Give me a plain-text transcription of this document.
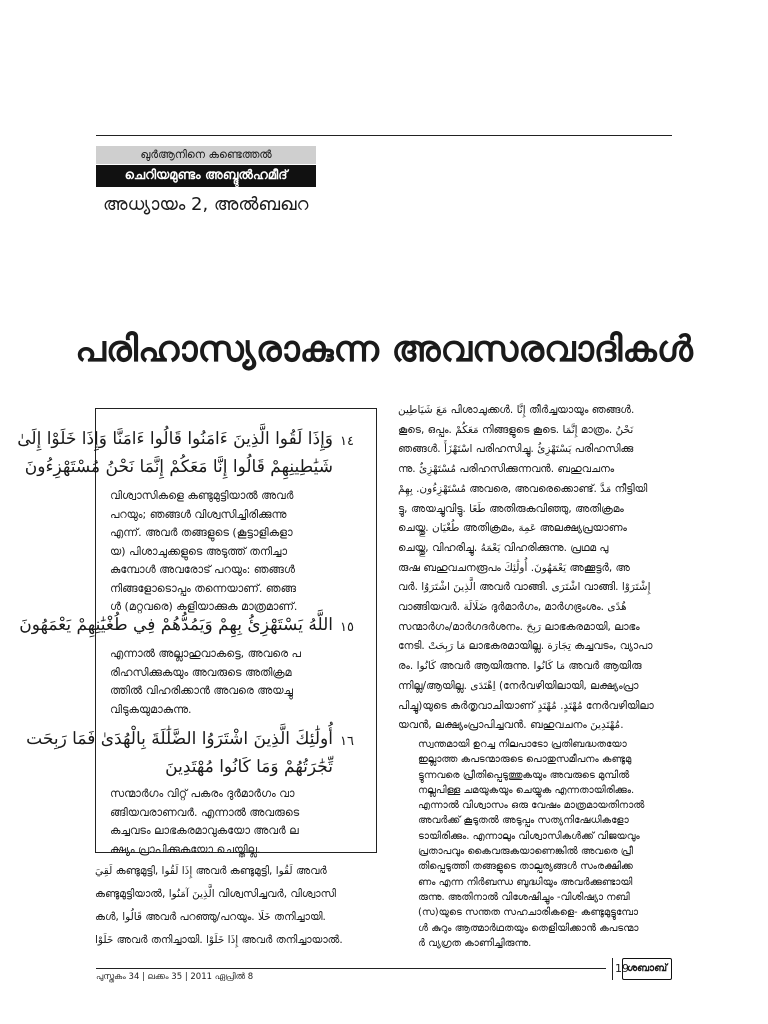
ഖുർആനിനെ കണ്ടെത്തൽ
ചെറിയമുണ്ടം അബ്ദുൽഹമീദ്
അധ്യായം 2, അൽബഖറ
പരിഹാസ്യരാകുന്ന അവസരവാദികൾ
١٤
وَإِذَا لَقُوا الَّذِينَ ءَامَنُوا قَالُوا ءَامَنَّا وَإِذَا خَلَوْا إِلَىٰ
شَيَٰطِينِهِمْ قَالُوا إِنَّا مَعَكُمْ إِنَّمَا نَحْنُ مُسْتَهْزِءُونَ
വിശ്വാസികളെ കണ്ടുമുട്ടിയാൽ അവർ
പറയും; ഞങ്ങൾ വിശ്വസിച്ചിരിക്കുന്നു
എന്ന്. അവർ തങ്ങളുടെ (കൂട്ടാളികളാ
യ) പിശാചുക്കളുടെ അടുത്ത് തനിച്ചാ
കുമ്പോൾ അവരോട് പറയും: ഞങ്ങൾ
നിങ്ങളോടൊപ്പം തന്നെയാണ്. ഞങ്ങ
ൾ (മറ്റവരെ) കളിയാക്കുക മാത്രമാണ്.
١٥
اللَّهُ يَسْتَهْزِئُ بِهِمْ وَيَمُدُّهُمْ فِي طُغْيَٰنِهِمْ يَعْمَهُونَ
എന്നാൽ അല്ലാഹുവാകട്ടെ, അവരെ പ
രിഹസിക്കുകയും അവരുടെ അതിക്രമ
ത്തിൽ വിഹരിക്കാൻ അവരെ അയച്ചു
വിടുകയുമാകുന്നു.
١٦
أُولَٰئِكَ الَّذِينَ اشْتَرَوُا الضَّلَٰلَةَ بِالْهُدَىٰ فَمَا رَبِحَت
تِّجَٰرَتُهُمْ وَمَا كَانُوا مُهْتَدِينَ
സന്മാർഗം വിറ്റ് പകരം ദുർമാർഗം വാ
ങ്ങിയവരാണവർ. എന്നാൽ അവരുടെ
കച്ചവടം ലാഭകരമാവുകയോ അവർ ല
ക്ഷ്യം പ്രാപിക്കുകയോ ചെയ്തില്ല.
لَقِيَ കണ്ടുമുട്ടി, إِذَا لَقُوا അവർ കണ്ടുമുട്ടി, لَقُوا അവർ
കണ്ടുമുട്ടിയാൽ, الَّذِينَ آمَنُوا വിശ്വസിച്ചവർ, വിശ്വാസി
കൾ, قَالُوا അവർ പറഞ്ഞു/പറയും. خَلَا തനിച്ചായി.
خَلَوْا അവർ തനിച്ചായി. إِذَا خَلَوْا അവർ തനിച്ചായാൽ.

مَعَ شَيَاطِين പിശാചുക്കൾ. إِنَّا തീർച്ചയായും ഞങ്ങൾ.

കൂടെ, ഒപ്പം. مَعَكُمْ നിങ്ങളുടെ കൂടെ. إِنَّمَا മാത്രം. نَحْنُ

ഞങ്ങൾ. اسْتَهْزَأَ പരിഹസിച്ചു. يَسْتَهْزِئُ പരിഹസിക്കു

ന്നു. مُسْتَهْزِئٌ പരിഹസിക്കുന്നവൻ. ബഹുവചനം

مُسْتَهْزِءُون. بِهِمْ അവരെ, അവരെക്കൊണ്ട്. مَدَّ നീട്ടിയി

ട്ടു, അയച്ചുവിട്ടു. طَغَا അതിരുകവിഞ്ഞു, അതിക്രമം

ചെയ്തു. طُغْيَان അതിക്രമം, عَمِهَ അലക്ഷ്യപ്രയാണം

ചെയ്തു, വിഹരിച്ചു. يَعْمَهُ വിഹരിക്കുന്നു. പ്രഥമ പു

രുഷ ബഹുവചനരൂപം يَعْمَهُونَ. أُولَٰئِكَ അക്കൂട്ടർ, അ

വർ. الَّذِينَ اشْتَرَوُا അവർ വാങ്ങി. اشْتَرَى വാങ്ങി. إِشْتَرَوْا

വാങ്ങിയവർ. ضَلَالَة ദുർമാർഗം, മാർഗഭ്രംശം. هُدًى

സന്മാർഗം/മാർഗദർശനം. رَبِحَ ലാഭകരമായി, ലാഭം

നേടി. مَا رَبِحَتْ ലാഭകരമായില്ല. تِجَارَة കച്ചവടം, വ്യാപാ

രം. كَانُوا അവർ ആയിരുന്നു. مَا كَانُوا അവർ ആയിരു

ന്നില്ല/ആയില്ല. اِهْتَدَى (നേർവഴിയിലായി, ലക്ഷ്യംപ്രാ

പിച്ചു)യുടെ കർതൃവാചിയാണ് مُهْتَدٍ. مُهْتَدٍ നേർവഴിയിലാ

യവൻ, ലക്ഷ്യംപ്രാപിച്ചവൻ. ബഹുവചനം مُهْتَدِينَ.

സ്വന്തമായി ഉറച്ച നിലപാടോ പ്രതിബദ്ധതയോ
ഇല്ലാത്ത കപടന്മാരുടെ പൊതുസമീപനം കണ്ടുമു
ട്ടുന്നവരെ പ്രീതിപ്പെടുത്തുകയും അവരുടെ മുമ്പിൽ
നല്ലപിള്ള ചമയുകയും ചെയ്യുക എന്നതായിരിക്കും.
എന്നാൽ വിശ്വാസം ഒരു വേഷം മാത്രമായതിനാൽ
അവർക്ക് കൂടുതൽ അടുപ്പം സത്യനിഷേധികളോ
ടായിരിക്കും. എന്നാലും വിശ്വാസികൾക്ക് വിജയവും
പ്രതാപവും കൈവരുകയാണെങ്കിൽ അവരെ പ്രീ
തിപ്പെടുത്തി തങ്ങളുടെ താല്പര്യങ്ങൾ സംരക്ഷിക്ക
ണം എന്ന നിർബന്ധ ബുദ്ധിയും അവർക്കുണ്ടായി
രുന്നു. അതിനാൽ വിശേഷിച്ചും -വിശിഷ്യാ നബി
(സ)യുടെ സന്തത സഹചാരികളെ- കണ്ടുമുട്ടുമ്പോ
ൾ കുറും ആത്മാർഥതയും തെളിയിക്കാൻ കപടന്മാ
ർ വ്യഗ്രത കാണിച്ചിരുന്നു.
പുസ്തകം 34 | ലക്കം 35 | 2011 ഏപ്രിൽ 8
19
ശബാബ്
